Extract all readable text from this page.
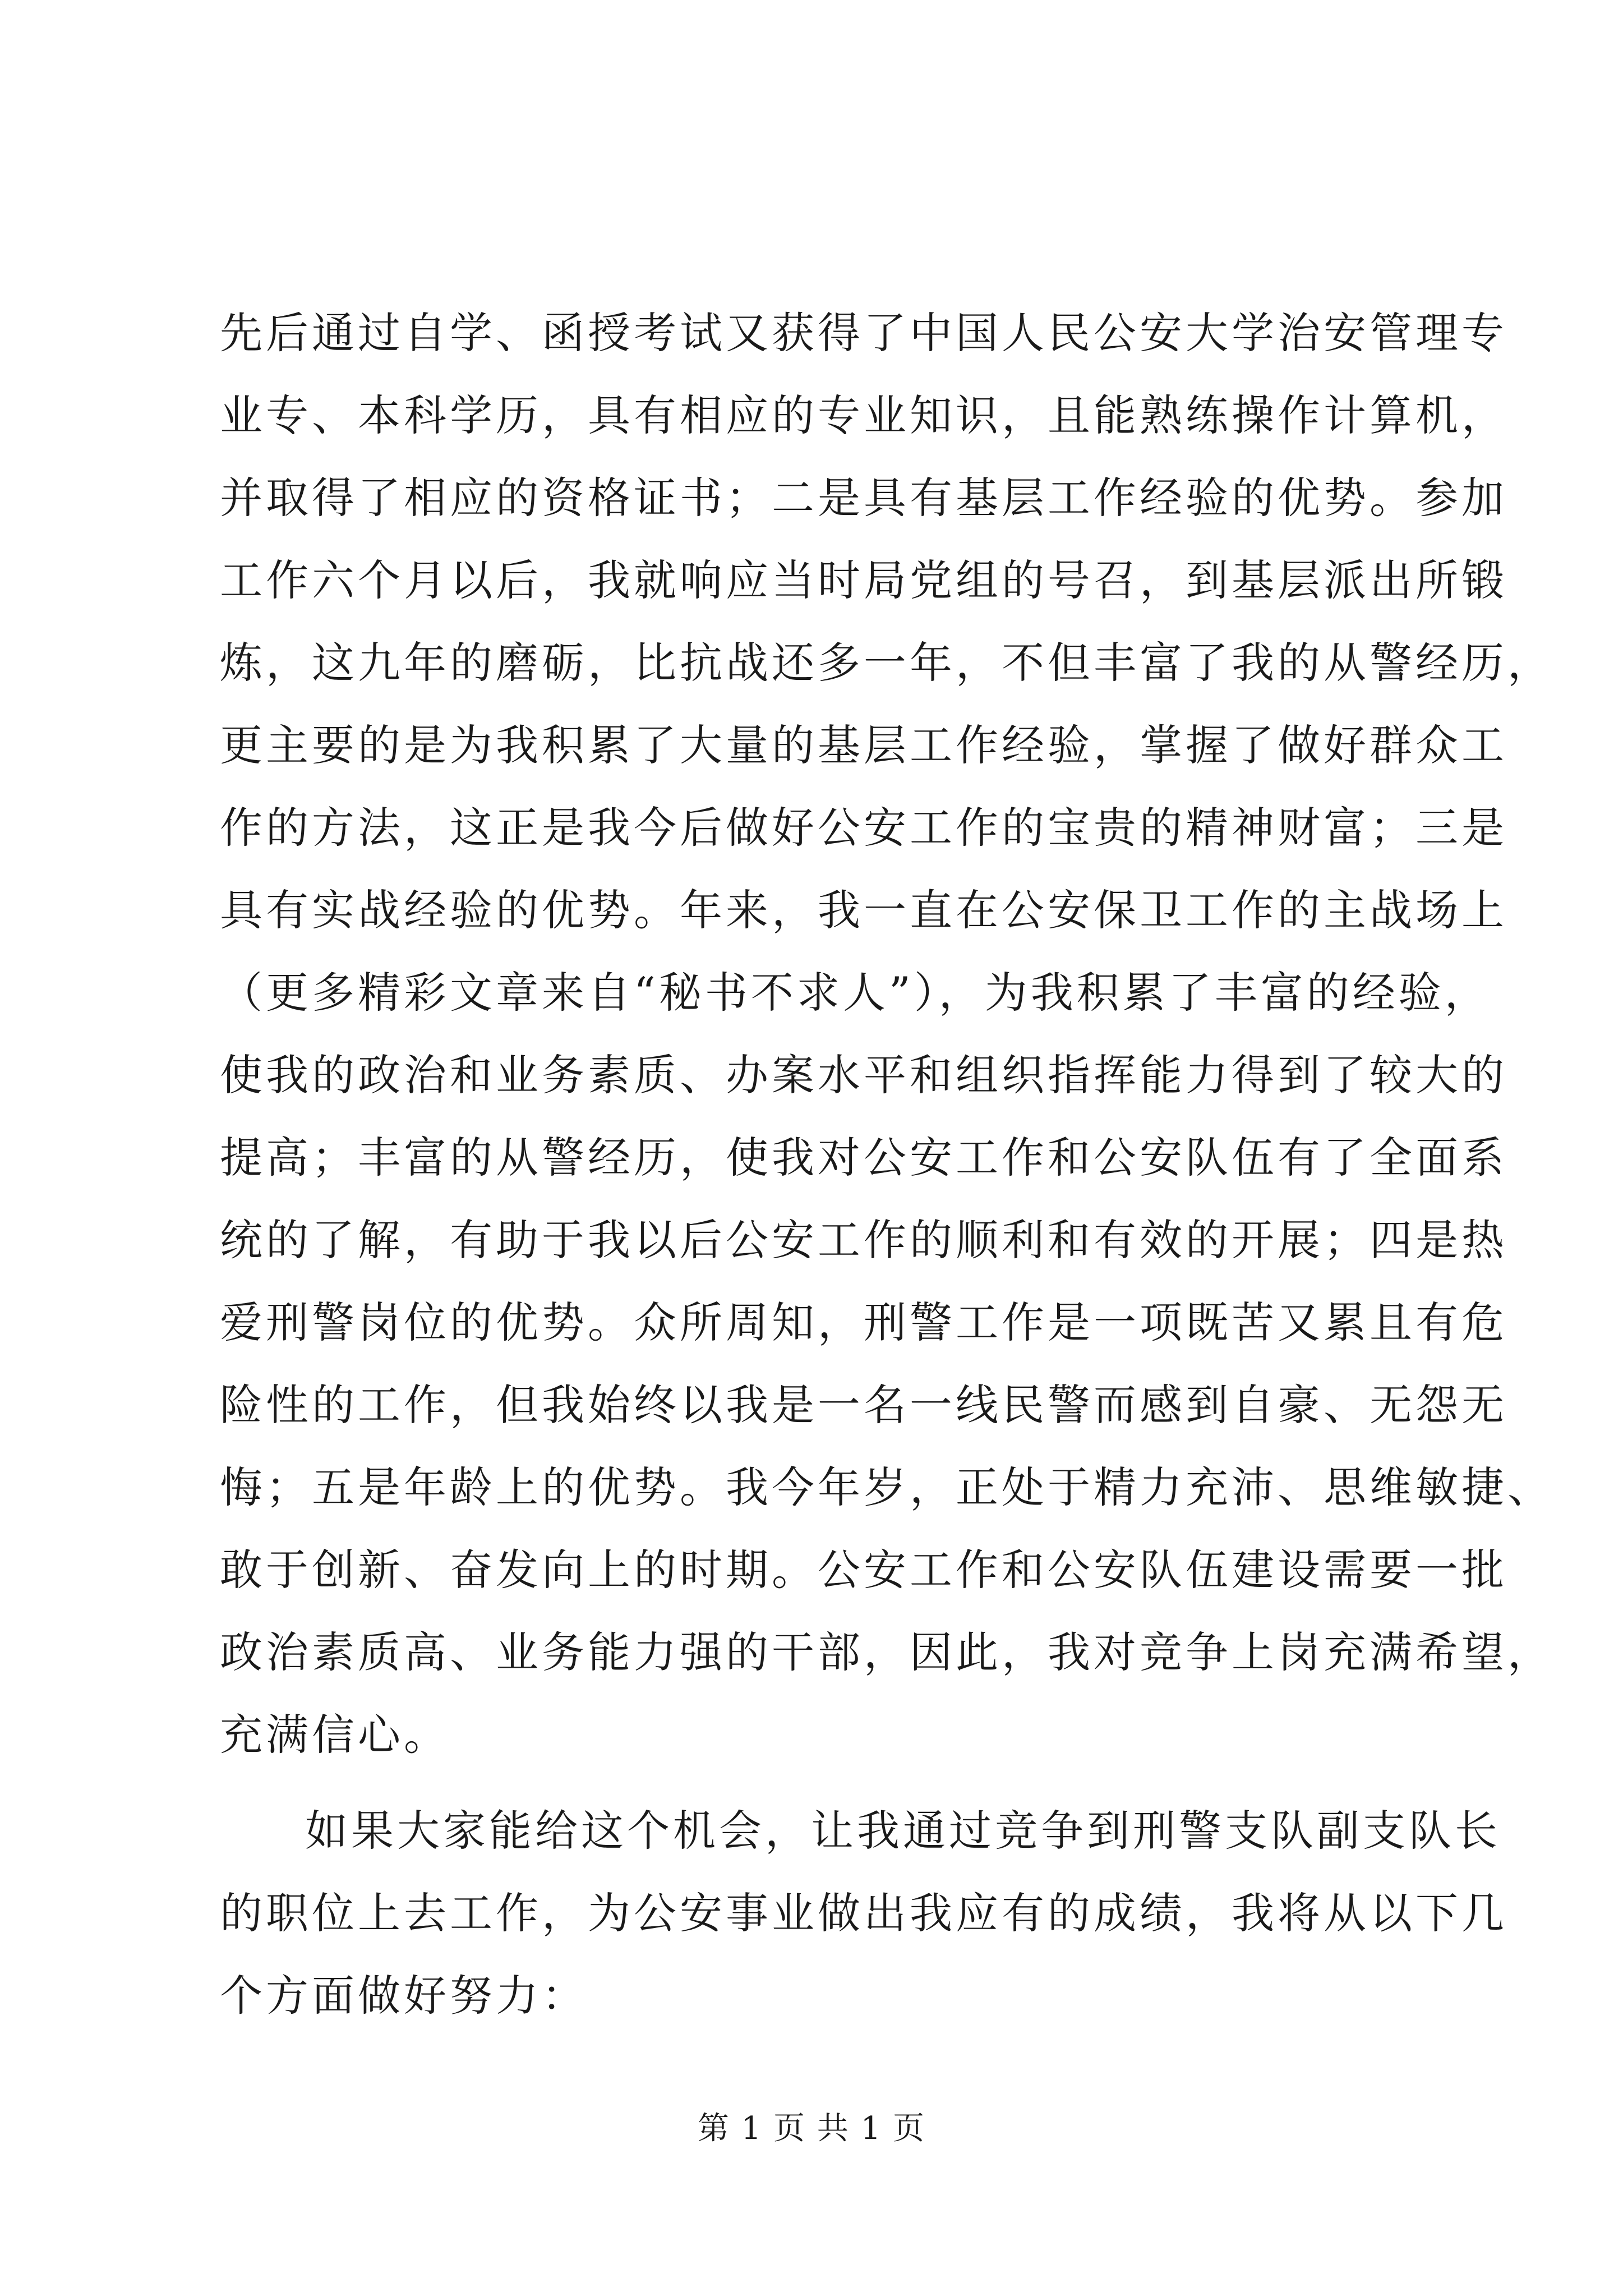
先后通过自学、函授考试又获得了中国人民公安大学治安管理专
业专、本科学历，具有相应的专业知识，且能熟练操作计算机，
并取得了相应的资格证书；二是具有基层工作经验的优势。参加
工作六个月以后，我就响应当时局党组的号召，到基层派出所锻
炼，这九年的磨砺，比抗战还多一年，不但丰富了我的从警经历，
更主要的是为我积累了大量的基层工作经验，掌握了做好群众工
作的方法，这正是我今后做好公安工作的宝贵的精神财富；三是
具有实战经验的优势。年来，我一直在公安保卫工作的主战场上
（更多精彩文章来自“秘书不求人”），为我积累了丰富的经验，
使我的政治和业务素质、办案水平和组织指挥能力得到了较大的
提高；丰富的从警经历，使我对公安工作和公安队伍有了全面系
统的了解，有助于我以后公安工作的顺利和有效的开展；四是热
爱刑警岗位的优势。众所周知，刑警工作是一项既苦又累且有危
险性的工作，但我始终以我是一名一线民警而感到自豪、无怨无
悔；五是年龄上的优势。我今年岁，正处于精力充沛、思维敏捷、
敢于创新、奋发向上的时期。公安工作和公安队伍建设需要一批
政治素质高、业务能力强的干部，因此，我对竞争上岗充满希望，
充满信心。
如果大家能给这个机会，让我通过竞争到刑警支队副支队长
的职位上去工作，为公安事业做出我应有的成绩，我将从以下几
个方面做好努力：
第 1 页 共 1 页
